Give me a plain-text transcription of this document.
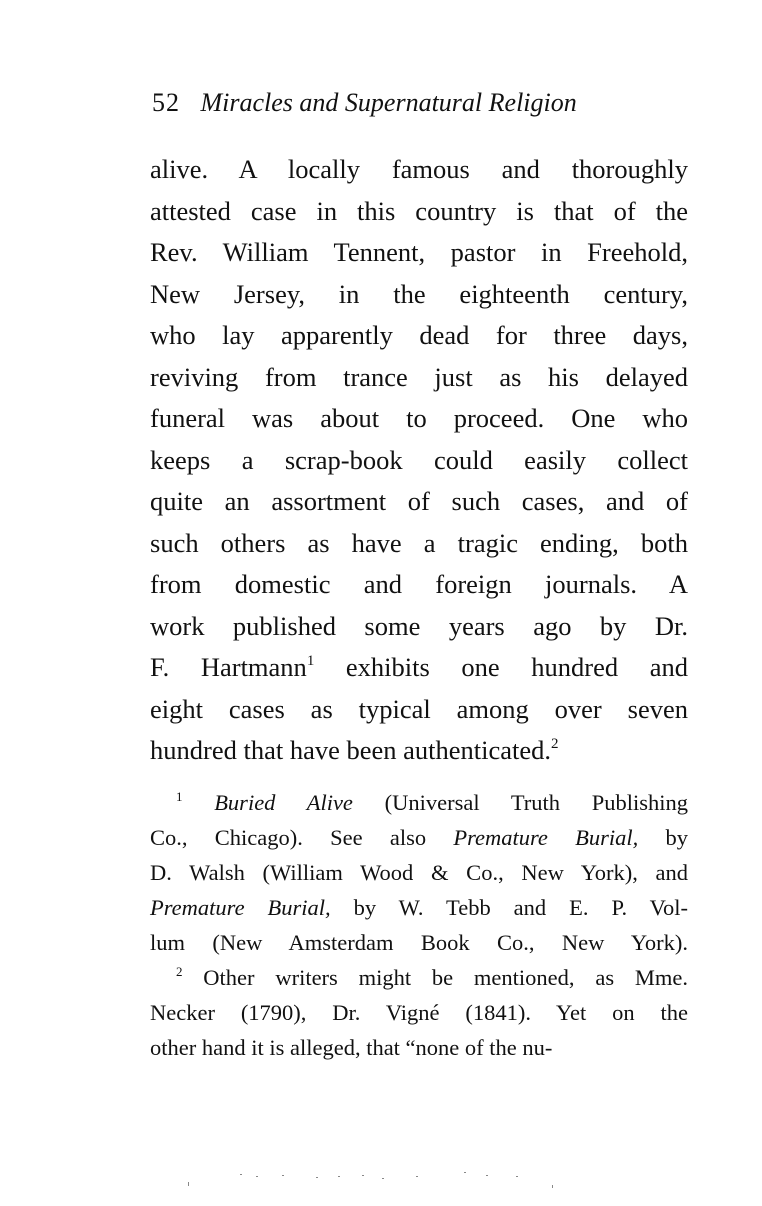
52 Miracles and Supernatural Religion
alive. A locally famous and thoroughly
attested case in this country is that of the
Rev. William Tennent, pastor in Freehold,
New Jersey, in the eighteenth century,
who lay apparently dead for three days,
reviving from trance just as his delayed
funeral was about to proceed. One who
keeps a scrap-book could easily collect
quite an assortment of such cases, and of
such others as have a tragic ending, both
from domestic and foreign journals. A
work published some years ago by Dr.
F. Hartmann$^1$ exhibits one hundred and
eight cases as typical among over seven
hundred that have been authenticated.$^2$
$^1$ Buried Alive (Universal Truth Publishing
Co., Chicago). See also Premature Burial, by
D. Walsh (William Wood & Co., New York), and
Premature Burial, by W. Tebb and E. P. Vol-
lum (New Amsterdam Book Co., New York).
$^2$ Other writers might be mentioned, as Mme.
Necker (1790), Dr. Vigné (1841). Yet on the
other hand it is alleged, that “none of the nu-
